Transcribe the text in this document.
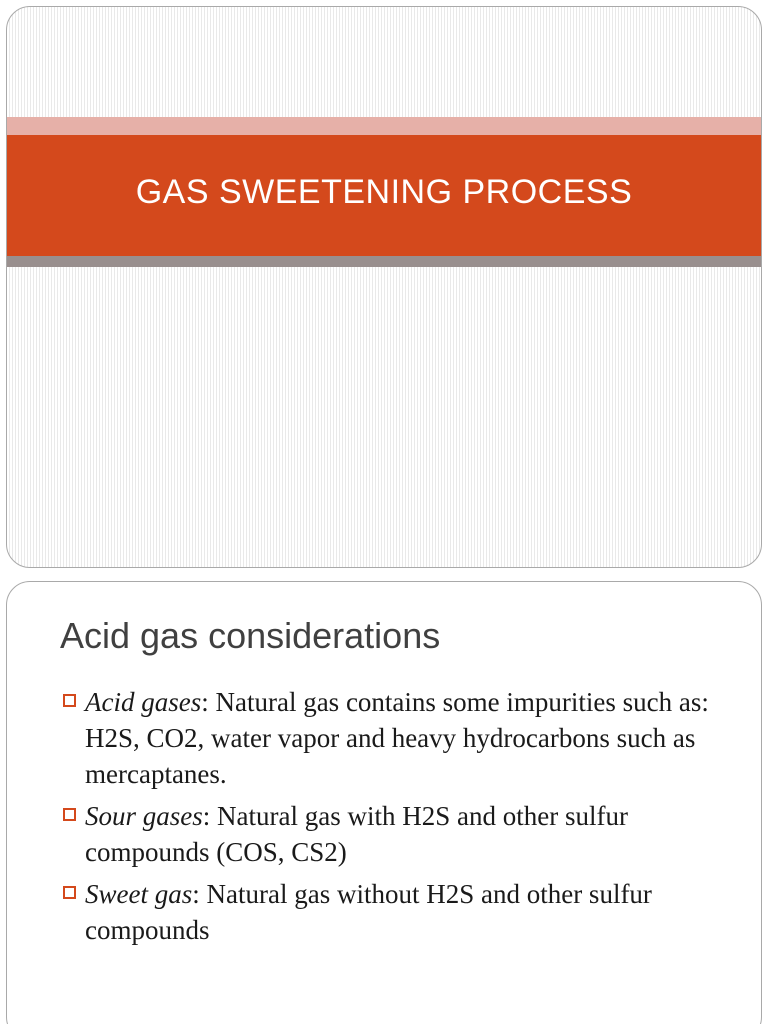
GAS SWEETENING PROCESS
Acid gas considerations
Acid gases: Natural gas contains some impurities such as: H2S, CO2, water vapor and heavy hydrocarbons such as mercaptanes.
Sour gases: Natural gas with H2S and other sulfur compounds (COS, CS2)
Sweet gas: Natural gas without H2S and other sulfur compounds
